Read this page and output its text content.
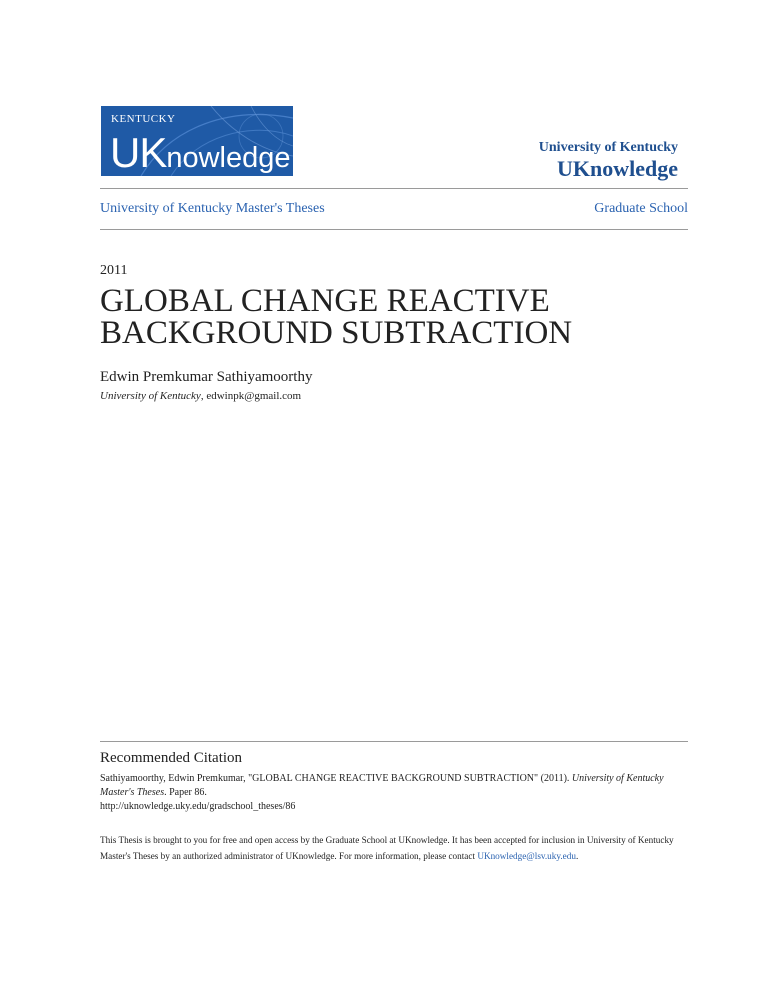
KENTUCKY
UKnowledge	University of Kentucky
UKnowledge
University of Kentucky Master's Theses	Graduate School
2011
GLOBAL CHANGE REACTIVE
BACKGROUND SUBTRACTION
Edwin Premkumar Sathiyamoorthy
University of Kentucky, edwinpk@gmail.com
Recommended Citation
Sathiyamoorthy, Edwin Premkumar, "GLOBAL CHANGE REACTIVE BACKGROUND SUBTRACTION" (2011). University of Kentucky Master's Theses. Paper 86.
http://uknowledge.uky.edu/gradschool_theses/86
This Thesis is brought to you for free and open access by the Graduate School at UKnowledge. It has been accepted for inclusion in University of Kentucky Master's Theses by an authorized administrator of UKnowledge. For more information, please contact UKnowledge@lsv.uky.edu.
